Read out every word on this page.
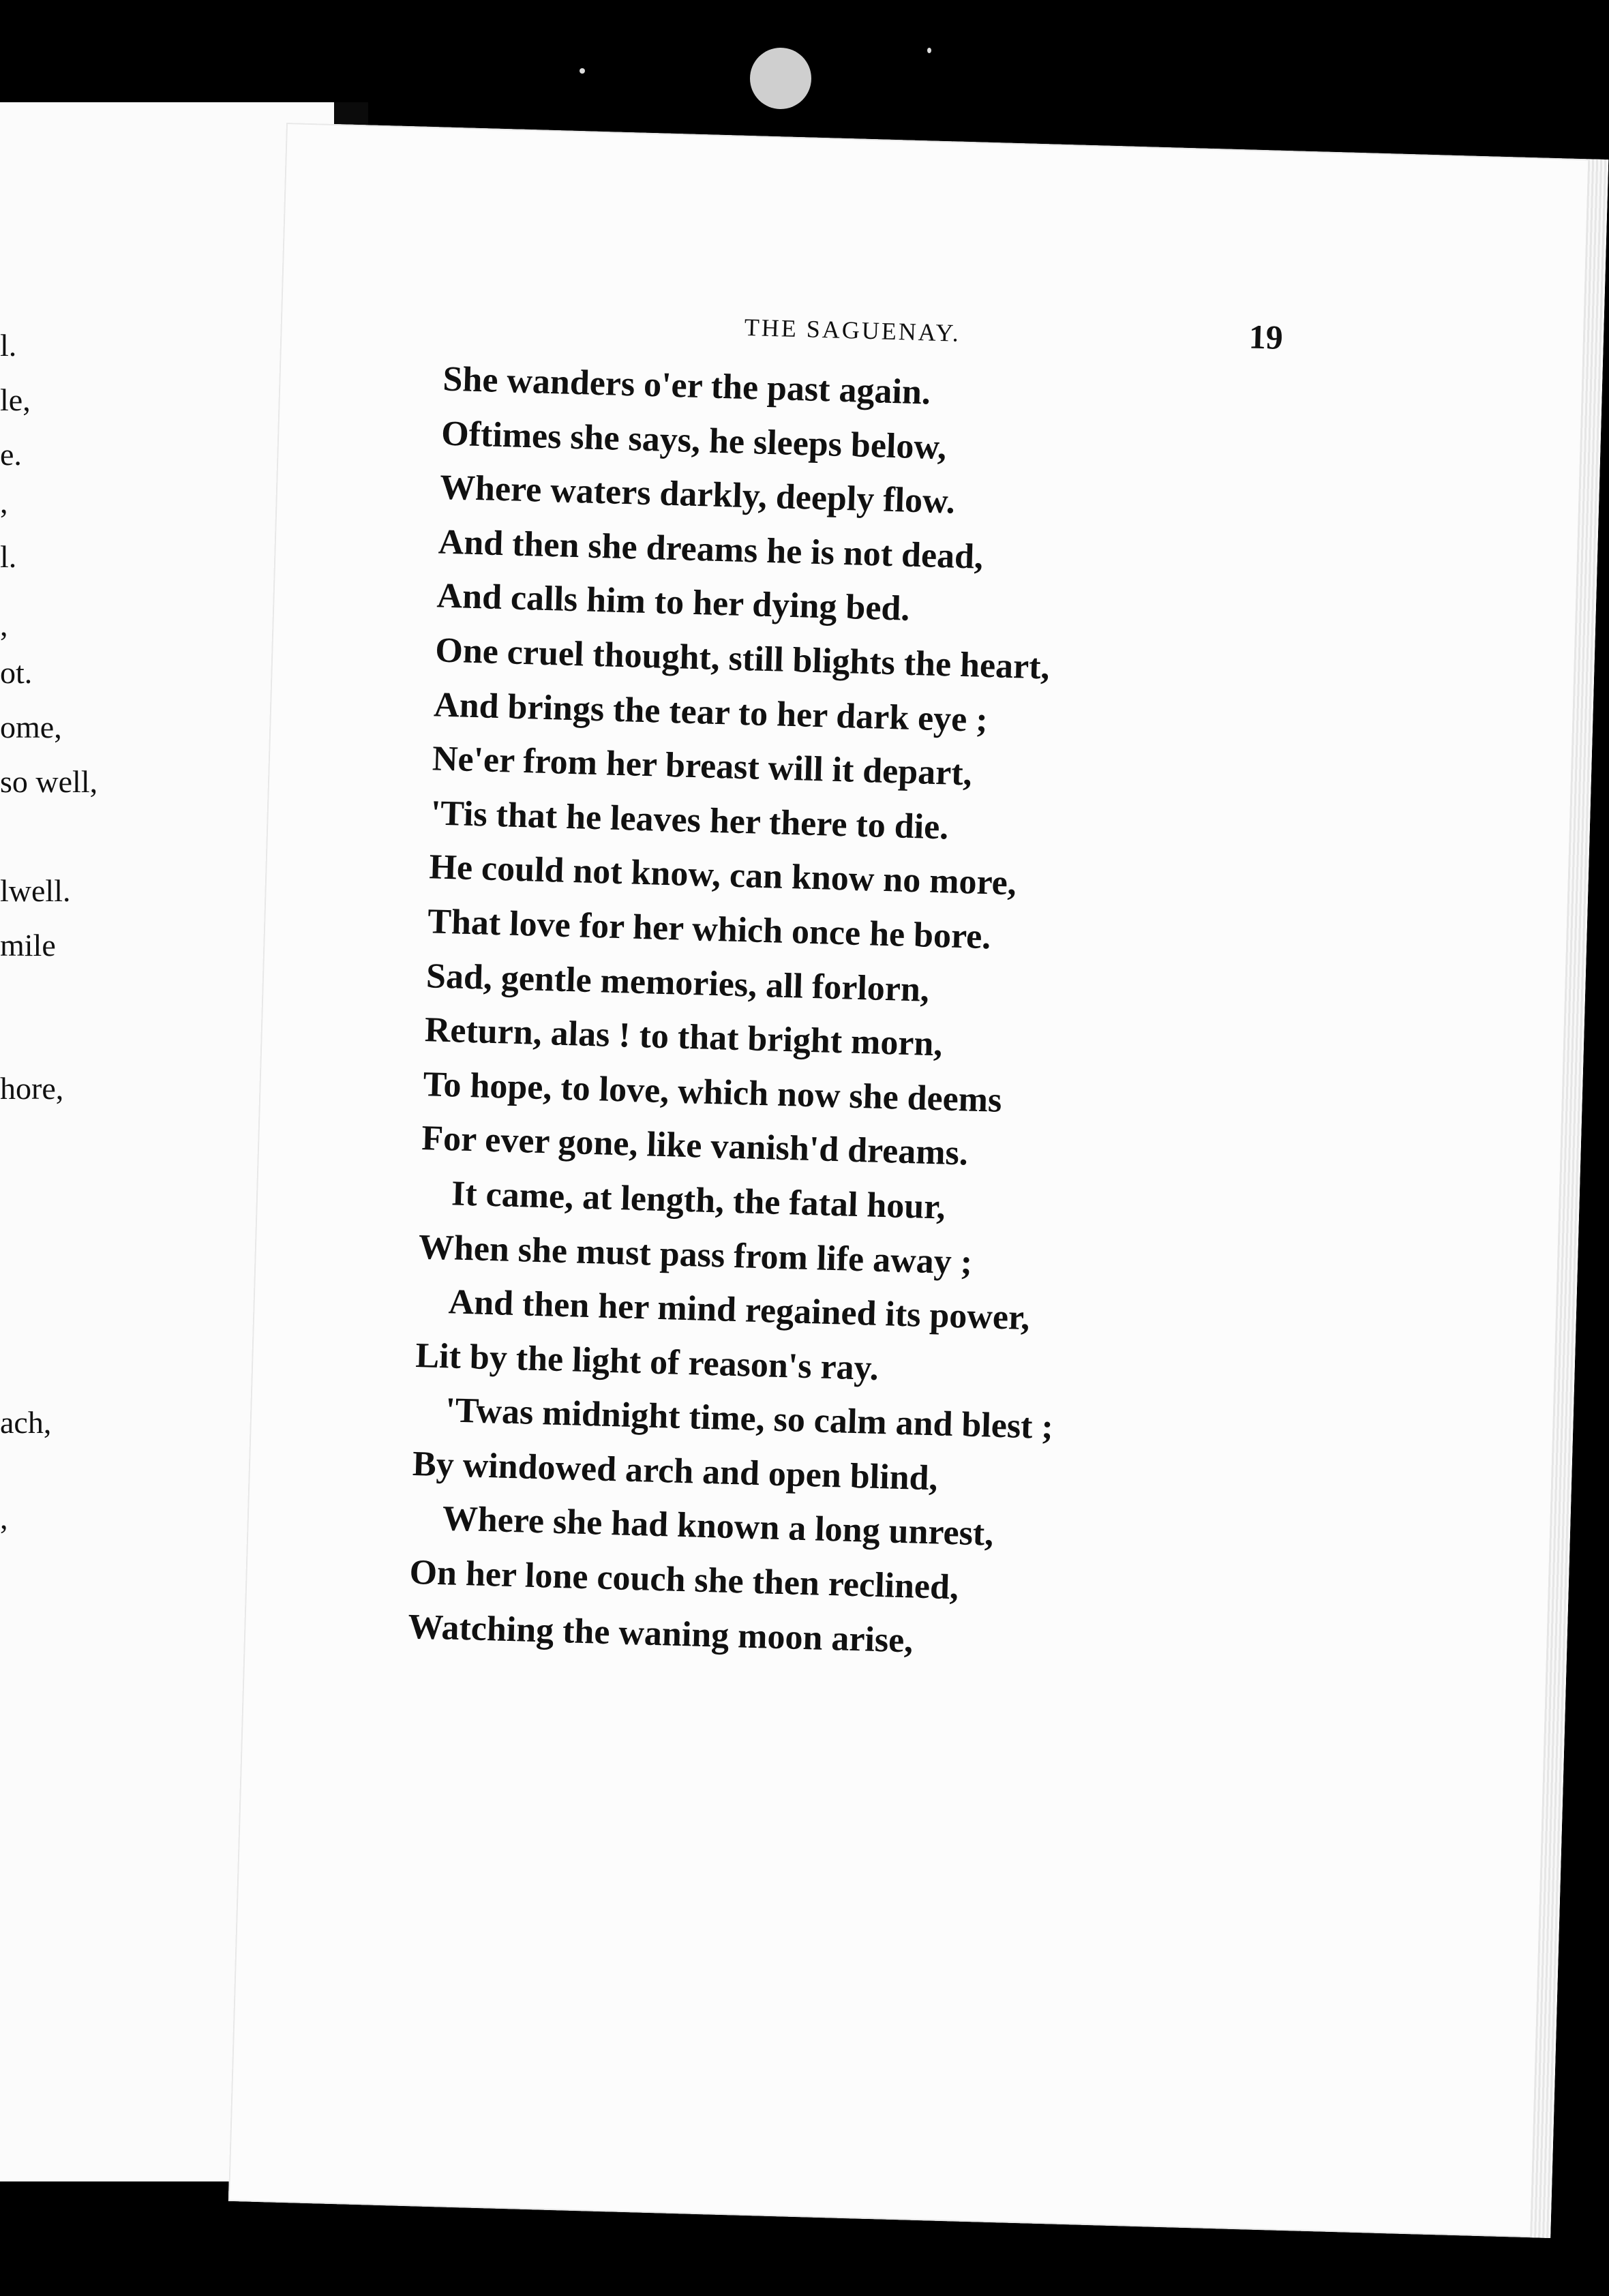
l.
le,
e.
,
l.
,
ot.
ome,
so well,
lwell.
mile
hore,
ach,
,
THE SAGUENAY.	19
She wanders o'er the past again.
Oftimes she says, he sleeps below,
Where waters darkly, deeply flow.
And then she dreams he is not dead,
And calls him to her dying bed.
One cruel thought, still blights the heart,
And brings the tear to her dark eye ;
Ne'er from her breast will it depart,
'Tis that he leaves her there to die.
He could not know, can know no more,
That love for her which once he bore.
Sad, gentle memories, all forlorn,
Return, alas ! to that bright morn,
To hope, to love, which now she deems
For ever gone, like vanish'd dreams.
It came, at length, the fatal hour,
When she must pass from life away ;
And then her mind regained its power,
Lit by the light of reason's ray.
'Twas midnight time, so calm and blest ;
By windowed arch and open blind,
Where she had known a long unrest,
On her lone couch she then reclined,
Watching the waning moon arise,
